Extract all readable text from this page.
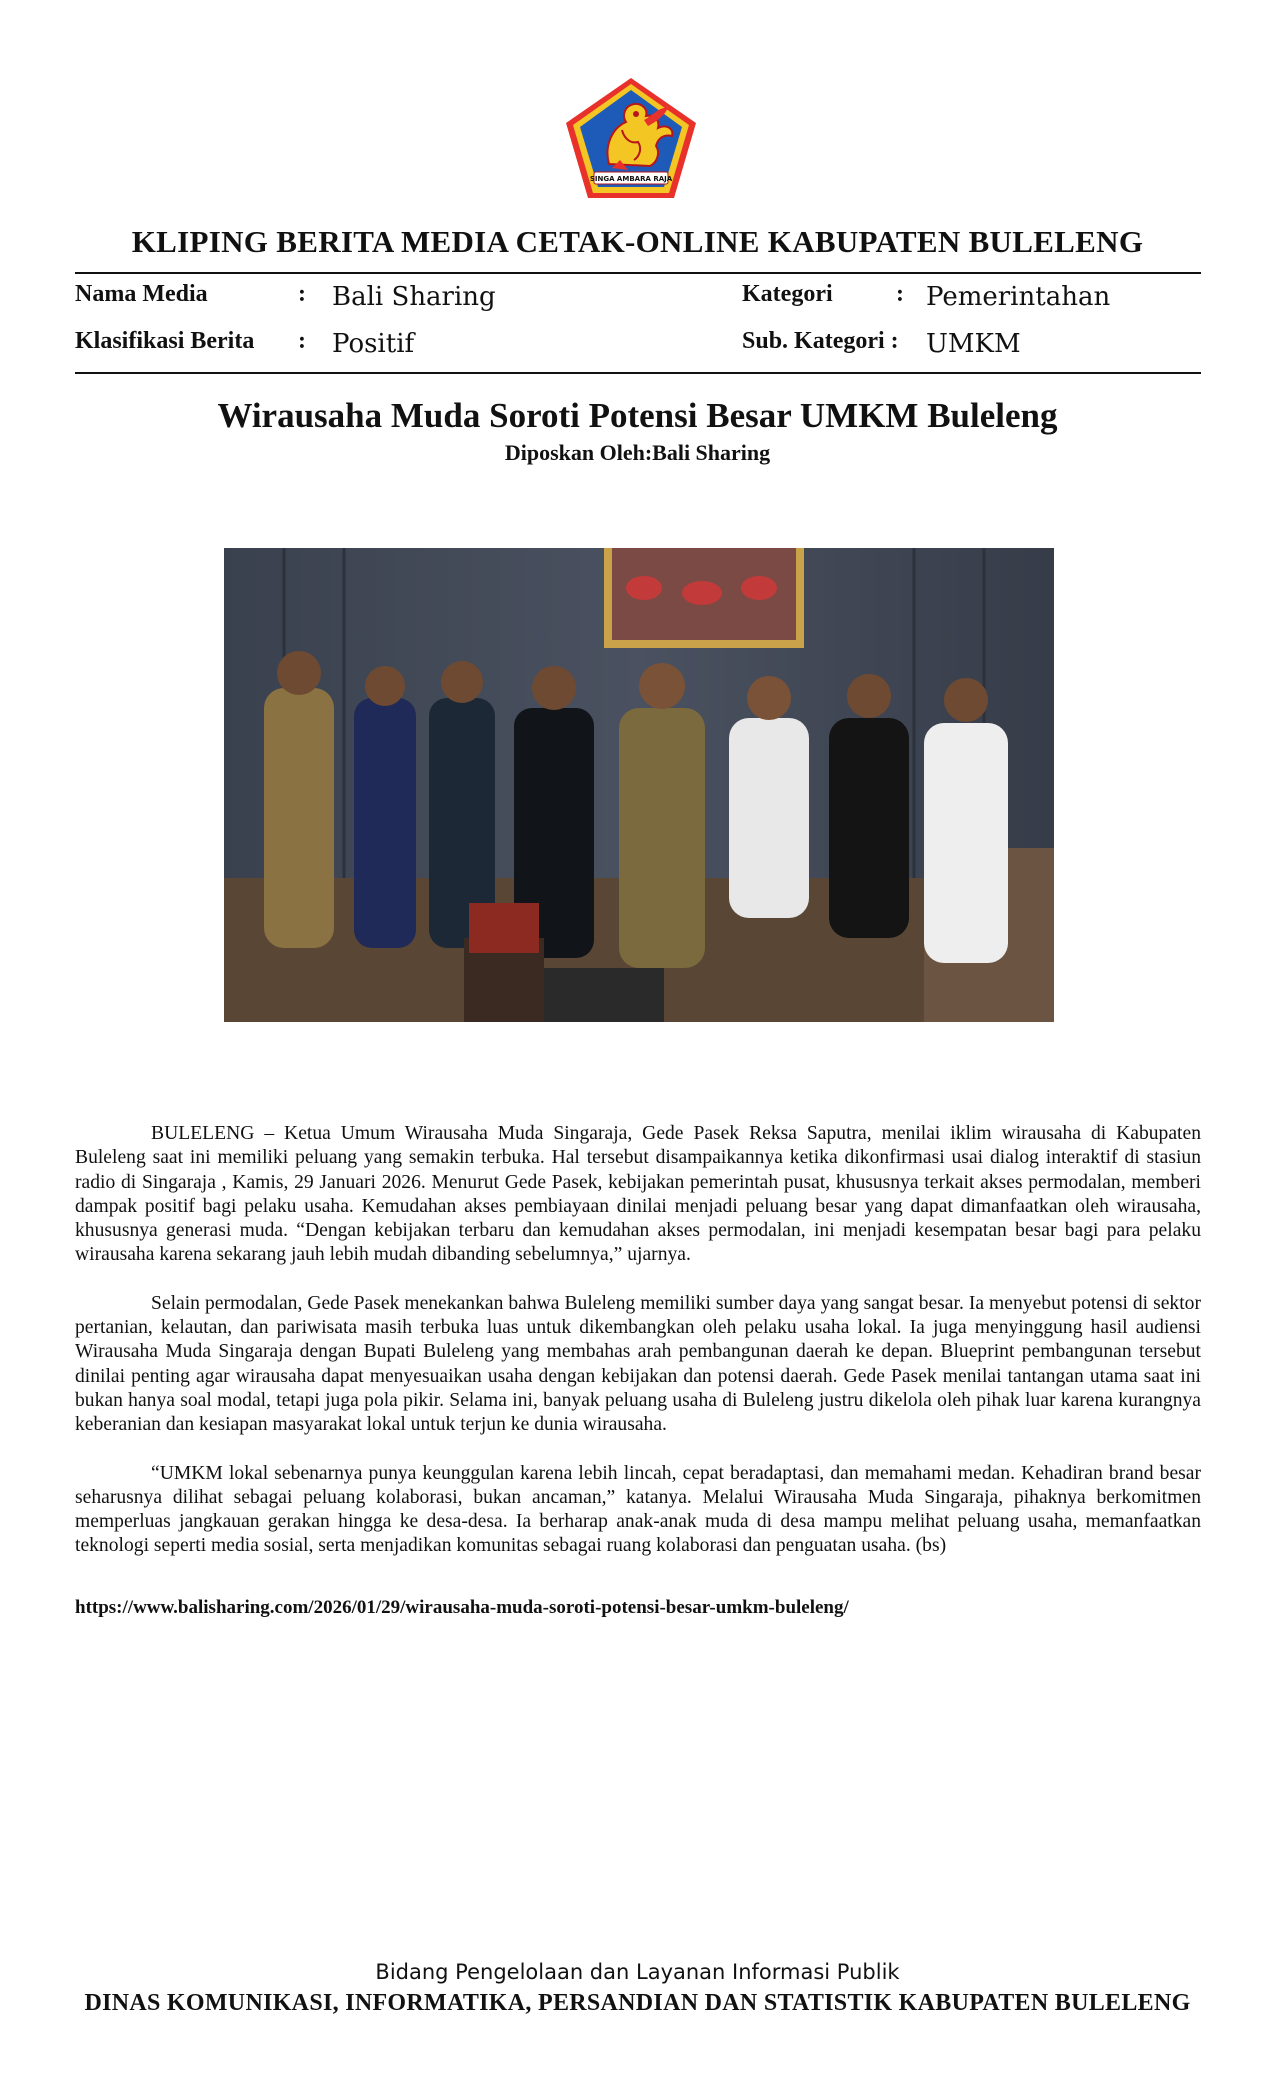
SINGA AMBARA RAJA
KLIPING BERITA MEDIA CETAK-ONLINE KABUPATEN BULELENG
Nama Media	: Bali Sharing	Kategori	: Pemerintahan
Klasifikasi Berita : Positif	Sub. Kategori : UMKM
Wirausaha Muda Soroti Potensi Besar UMKM Buleleng
Diposkan Oleh:Bali Sharing

BULELENG – Ketua Umum Wirausaha Muda Singaraja, Gede Pasek Reksa Saputra, menilai iklim wirausaha di Kabupaten Buleleng saat ini memiliki peluang yang semakin terbuka. Hal tersebut disampaikannya ketika dikonfirmasi usai dialog interaktif di stasiun radio di Singaraja , Kamis, 29 Januari 2026. Menurut Gede Pasek, kebijakan pemerintah pusat, khususnya terkait akses permodalan, memberi dampak positif bagi pelaku usaha. Kemudahan akses pembiayaan dinilai menjadi peluang besar yang dapat dimanfaatkan oleh wirausaha, khususnya generasi muda. “Dengan kebijakan terbaru dan kemudahan akses permodalan, ini menjadi kesempatan besar bagi para pelaku wirausaha karena sekarang jauh lebih mudah dibanding sebelumnya,” ujarnya.

Selain permodalan, Gede Pasek menekankan bahwa Buleleng memiliki sumber daya yang sangat besar. Ia menyebut potensi di sektor pertanian, kelautan, dan pariwisata masih terbuka luas untuk dikembangkan oleh pelaku usaha lokal. Ia juga menyinggung hasil audiensi Wirausaha Muda Singaraja dengan Bupati Buleleng yang membahas arah pembangunan daerah ke depan. Blueprint pembangunan tersebut dinilai penting agar wirausaha dapat menyesuaikan usaha dengan kebijakan dan potensi daerah. Gede Pasek menilai tantangan utama saat ini bukan hanya soal modal, tetapi juga pola pikir. Selama ini, banyak peluang usaha di Buleleng justru dikelola oleh pihak luar karena kurangnya keberanian dan kesiapan masyarakat lokal untuk terjun ke dunia wirausaha.

“UMKM lokal sebenarnya punya keunggulan karena lebih lincah, cepat beradaptasi, dan memahami medan. Kehadiran brand besar seharusnya dilihat sebagai peluang kolaborasi, bukan ancaman,” katanya. Melalui Wirausaha Muda Singaraja, pihaknya berkomitmen memperluas jangkauan gerakan hingga ke desa-desa. Ia berharap anak-anak muda di desa mampu melihat peluang usaha, memanfaatkan teknologi seperti media sosial, serta menjadikan komunitas sebagai ruang kolaborasi dan penguatan usaha. (bs)

https://www.balisharing.com/2026/01/29/wirausaha-muda-soroti-potensi-besar-umkm-buleleng/
Bidang Pengelolaan dan Layanan Informasi Publik
DINAS KOMUNIKASI, INFORMATIKA, PERSANDIAN DAN STATISTIK KABUPATEN BULELENG
